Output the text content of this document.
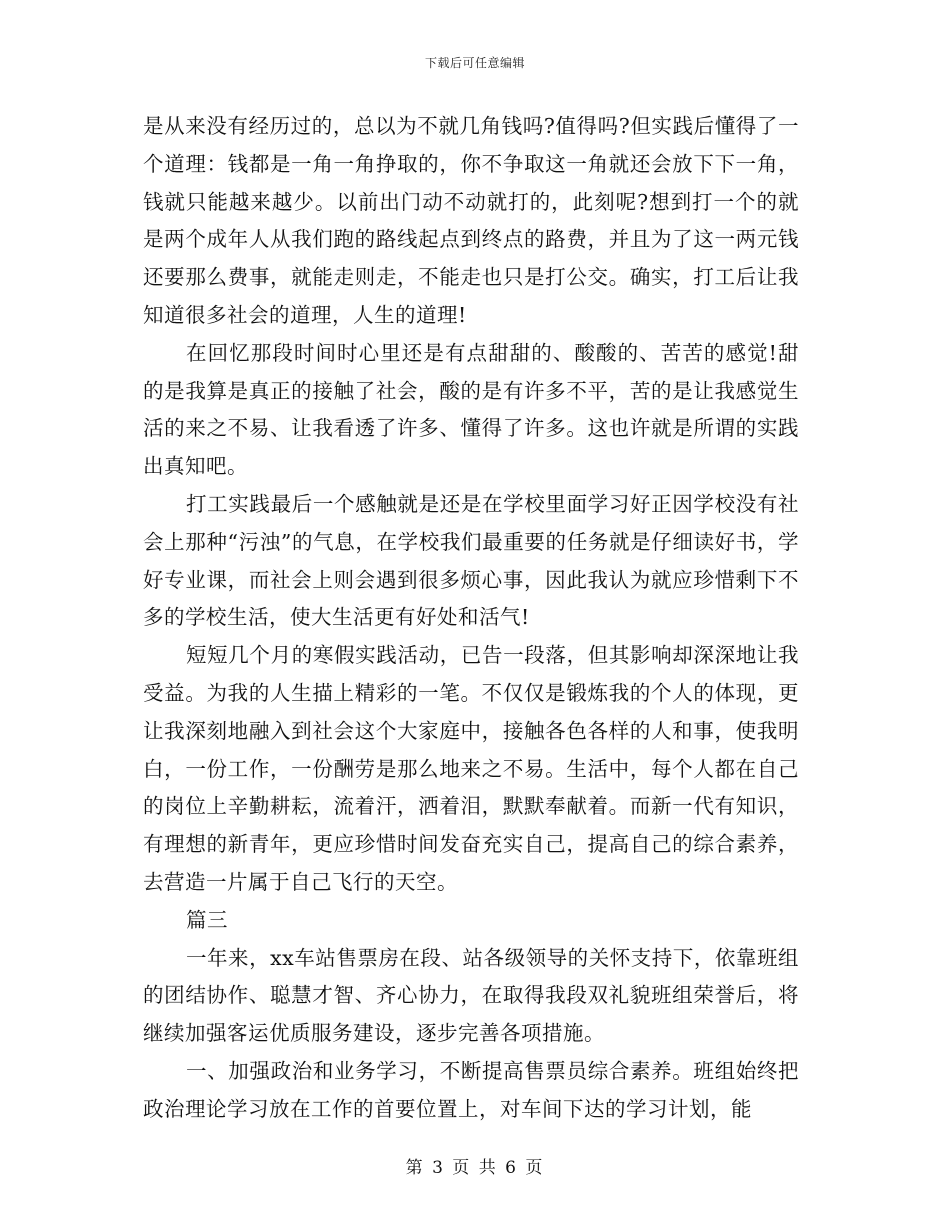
下载后可任意编辑

是从来没有经历过的，总以为不就几角钱吗?值得吗?但实践后懂得了一个道理：钱都是一角一角挣取的，你不争取这一角就还会放下下一角，钱就只能越来越少。以前出门动不动就打的，此刻呢?想到打一个的就是两个成年人从我们跑的路线起点到终点的路费，并且为了这一两元钱还要那么费事，就能走则走，不能走也只是打公交。确实，打工后让我知道很多社会的道理，人生的道理!

在回忆那段时间时心里还是有点甜甜的、酸酸的、苦苦的感觉!甜的是我算是真正的接触了社会，酸的是有许多不平，苦的是让我感觉生活的来之不易、让我看透了许多、懂得了许多。这也许就是所谓的实践出真知吧。

打工实践最后一个感触就是还是在学校里面学习好正因学校没有社会上那种“污浊”的气息，在学校我们最重要的任务就是仔细读好书，学好专业课，而社会上则会遇到很多烦心事，因此我认为就应珍惜剩下不多的学校生活，使大生活更有好处和活气!

短短几个月的寒假实践活动，已告一段落，但其影响却深深地让我受益。为我的人生描上精彩的一笔。不仅仅是锻炼我的个人的体现，更让我深刻地融入到社会这个大家庭中，接触各色各样的人和事，使我明白，一份工作，一份酬劳是那么地来之不易。生活中，每个人都在自己的岗位上辛勤耕耘，流着汗，洒着泪，默默奉献着。而新一代有知识，有理想的新青年，更应珍惜时间发奋充实自己，提高自己的综合素养，去营造一片属于自己飞行的天空。

篇三

一年来，xx车站售票房在段、站各级领导的关怀支持下，依靠班组的团结协作、聪慧才智、齐心协力，在取得我段双礼貌班组荣誉后，将继续加强客运优质服务建设，逐步完善各项措施。

一、加强政治和业务学习，不断提高售票员综合素养。班组始终把政治理论学习放在工作的首要位置上，对车间下达的学习计划，能

第 3 页 共 6 页
